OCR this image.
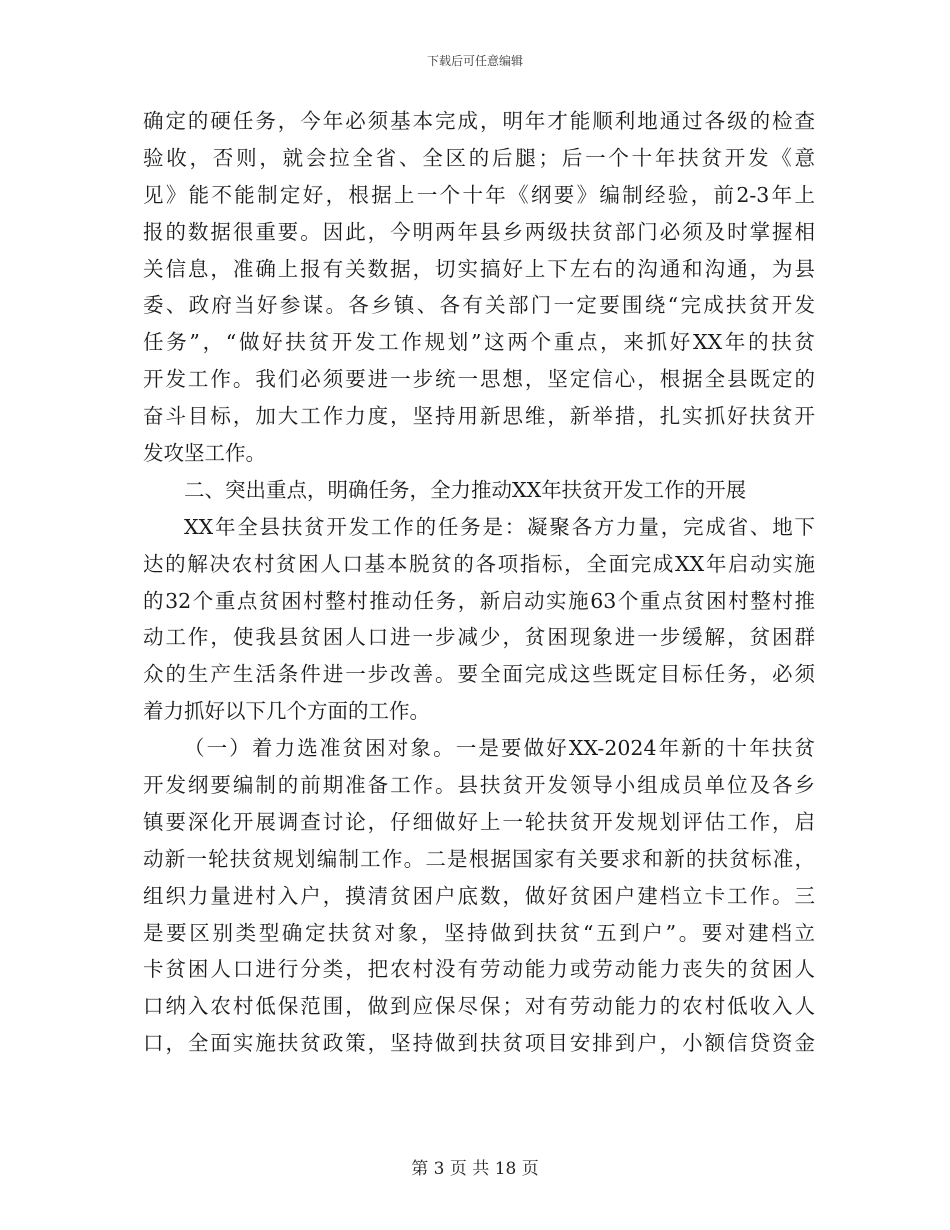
下载后可任意编辑
确定的硬任务，今年必须基本完成，明年才能顺利地通过各级的检查
验收，否则，就会拉全省、全区的后腿；后一个十年扶贫开发《意
见》能不能制定好，根据上一个十年《纲要》编制经验，前2-3年上
报的数据很重要。因此，今明两年县乡两级扶贫部门必须及时掌握相
关信息，准确上报有关数据，切实搞好上下左右的沟通和沟通，为县
委、政府当好参谋。各乡镇、各有关部门一定要围绕“完成扶贫开发
任务”，“做好扶贫开发工作规划”这两个重点，来抓好XX年的扶贫
开发工作。我们必须要进一步统一思想，坚定信心，根据全县既定的
奋斗目标，加大工作力度，坚持用新思维，新举措，扎实抓好扶贫开
发攻坚工作。
二、突出重点，明确任务，全力推动XX年扶贫开发工作的开展
XX年全县扶贫开发工作的任务是：凝聚各方力量，完成省、地下
达的解决农村贫困人口基本脱贫的各项指标，全面完成XX年启动实施
的32个重点贫困村整村推动任务，新启动实施63个重点贫困村整村推
动工作，使我县贫困人口进一步减少，贫困现象进一步缓解，贫困群
众的生产生活条件进一步改善。要全面完成这些既定目标任务，必须
着力抓好以下几个方面的工作。
（一）着力选准贫困对象。一是要做好XX-2024年新的十年扶贫
开发纲要编制的前期准备工作。县扶贫开发领导小组成员单位及各乡
镇要深化开展调查讨论，仔细做好上一轮扶贫开发规划评估工作，启
动新一轮扶贫规划编制工作。二是根据国家有关要求和新的扶贫标准，
组织力量进村入户，摸清贫困户底数，做好贫困户建档立卡工作。三
是要区别类型确定扶贫对象，坚持做到扶贫“五到户”。要对建档立
卡贫困人口进行分类，把农村没有劳动能力或劳动能力丧失的贫困人
口纳入农村低保范围，做到应保尽保；对有劳动能力的农村低收入人
口，全面实施扶贫政策，坚持做到扶贫项目安排到户，小额信贷资金
第 3 页 共 18 页
